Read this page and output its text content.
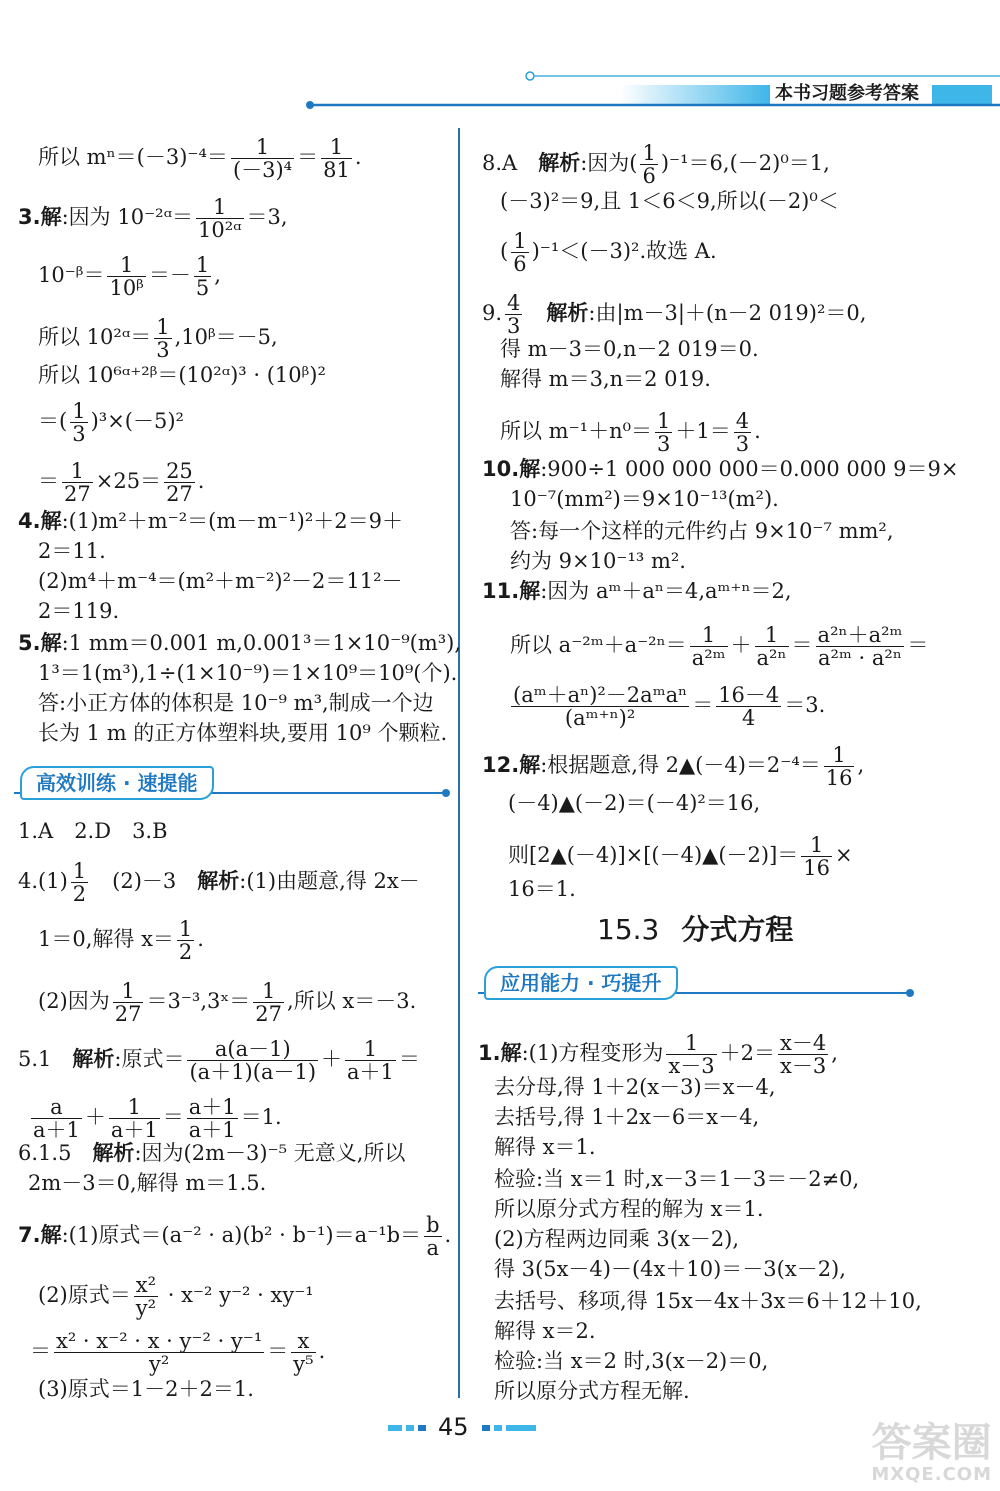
本书习题参考答案
所以 $m^n=(-3)^{-4}= \frac{1}{\text{(－3)⁴}} = \frac{1}{81}$ .
3.解:因为 10⁻²ᵅ＝ $\frac{1}{\text{10²ᵅ}} =3$,
10⁻ᵝ＝ $\frac{1}{\text{10ᵝ}} =- \frac{1}{5}$ ,
所以 10²ᵅ＝ $\frac{1}{3}$ ,10ᵝ＝－5,
所以 10⁶ᵅ⁺²ᵝ＝(10²ᵅ)³ · (10ᵝ)²
＝( $\frac{1}{3} )^3\times(-5)^2$
＝ $\frac{1}{27} \times 25= \frac{25}{27}$ .
4.解:(1)m²＋m⁻²＝(m－m⁻¹)²＋2＝9＋
2＝11.
(2)m⁴＋m⁻⁴＝(m²＋m⁻²)²－2＝11²－
2＝119.
5.解:1 mm＝0.001 m,0.001³＝1×10⁻⁹(m³),
1³＝1(m³),1÷(1×10⁻⁹)＝1×10⁹＝10⁹(个).
答:小正方体的体积是 10⁻⁹ m³,制成一个边
长为 1 m 的正方体塑料块,要用 10⁹ 个颗粒.
高效训练 · 速提能
1.A　2.D　3.B
$4.(1) \frac{1}{2}$ 　(2)－3　解析:(1)由题意,得 2x－
1＝0,解得 $x= \frac{1}{2}$ .
(2)因为 $\frac{1}{27}$ ＝3⁻³,3ˣ＝ $\frac{1}{27}$ ,所以 x＝－3.
5.1　解析:原式＝ $\frac{a(a-1)}{(a+1)(a-1)} + \frac{1}{a+1}$ ＝
$\frac{a}{a+1} + \frac{1}{a+1} = \frac{a+1}{a+1} =1$.
6.1.5　解析:因为(2m－3)⁻⁵ 无意义,所以
2m－3＝0,解得 m＝1.5.
7.解:(1)原式$=(a^{-2} \cdot a)(b^2 \cdot b^{-1})=a^{-1}b= \frac{b}{a}$ .
(2)原式＝ $\frac{\text{x²}}{\text{y²}} \cdot x^{-2}$ y⁻² · xy⁻¹
＝ $\frac{\text{x² · x⁻² · x · y⁻² · y⁻¹}}{\text{y²}} = \frac{x}{\text{y⁵}}$ .
(3)原式＝1－2＋2＝1.
8.A　解析:因为( $\frac{1}{6} )^{-1}=6,(-2)^0=1$,
(－3)²＝9,且 1＜6＜9,所以(－2)⁰＜
( $\frac{1}{6} )^{-1}<(-3)^2$.故选 A.
9. $\frac{4}{3}$
　 解析:由|m－3|＋(n－2 019)²＝0,
得 m－3＝0,n－2 019＝0.
解得 m＝3,n＝2 019.
所以 $m^{-1}+n^0= \frac{1}{3} +1= \frac{4}{3}$ .
10.解:900÷1 000 000 000＝0.000 000 9＝9×
10⁻⁷(mm²)＝9×10⁻¹³(m²).
答:每一个这样的元件约占 9×10⁻⁷ mm²,
约为 9×10⁻¹³ m².
11.解:因为 aᵐ＋aⁿ＝4,aᵐ⁺ⁿ＝2,
所以 a⁻²ᵐ＋a⁻²ⁿ＝ $\frac{1}{\text{a²ᵐ}} + \frac{1}{\text{a²ⁿ}} = \frac{\text{a²ⁿ＋a²ᵐ}}{\text{a²ᵐ · a²ⁿ}}$ ＝
$\frac{\text{(aᵐ＋aⁿ)²－2aᵐaⁿ}}{\text{(aᵐ⁺ⁿ)²}} = \frac{16-4}{4} =3$.
12.解:根据题意,得 2▲(－4)＝2⁻⁴＝ $\frac{1}{16}$ ,
(－4)▲(－2)＝(－4)²＝16,
则[2▲(－4)]×[(－4)▲(－2)]＝ $\frac{1}{16}$ ×
16＝1.
15.3 分式方程
应用能力 · 巧提升
1.解:(1)方程变形为 $\frac{1}{x-3} +2= \frac{x-4}{x-3}$ ,
去分母,得 1＋2(x－3)＝x－4,
去括号,得 1＋2x－6＝x－4,
解得 x＝1.
检验:当 x＝1 时,x－3＝1－3＝－2≠0,
所以原分式方程的解为 x＝1.
(2)方程两边同乘 3(x－2),
得 3(5x－4)－(4x＋10)＝－3(x－2),
去括号、移项,得 15x－4x＋3x＝6＋12＋10,
解得 x＝2.
检验:当 x＝2 时,3(x－2)＝0,
所以原分式方程无解.
45	答案圈
MXQE.COM
